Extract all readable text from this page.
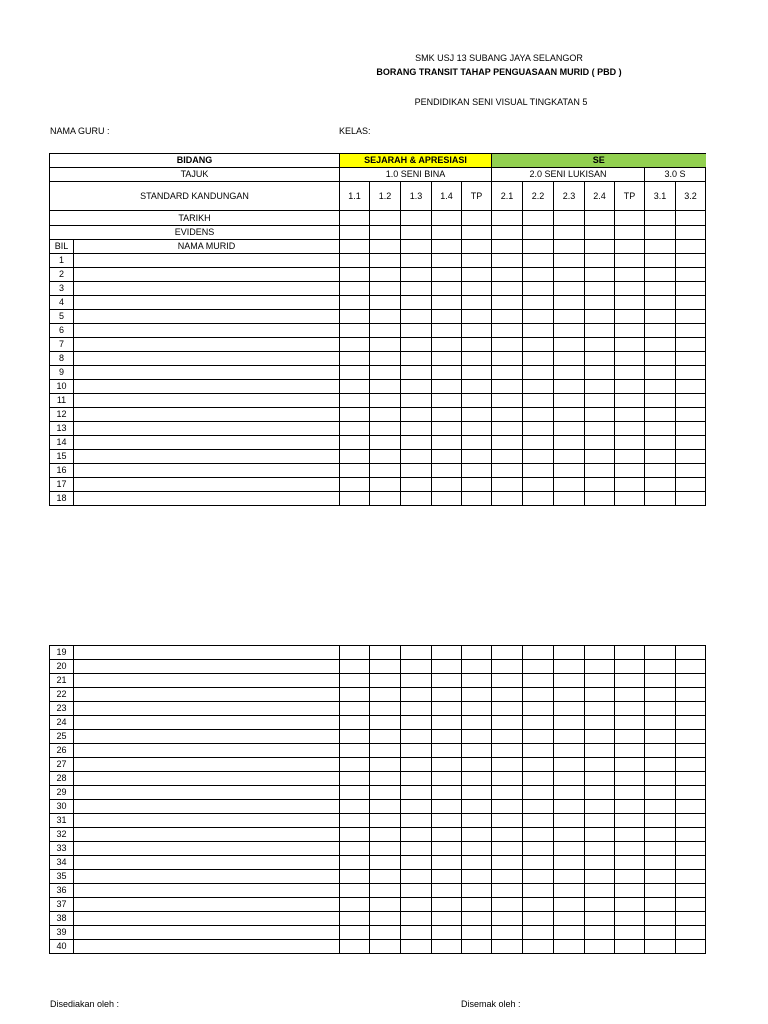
SMK USJ 13 SUBANG JAYA SELANGOR
BORANG TRANSIT TAHAP PENGUASAAN MURID ( PBD )
PENDIDIKAN SENI VISUAL TINGKATAN 5
NAMA GURU :	KELAS:
BIDANG		SEJARAH & APRESIASI					SE						
TAJUK		1.0 SENI BINA					2.0 SENI LUKISAN					3.0 S	
STANDARD KANDUNGAN		1.1	1.2	1.3	1.4	TP	2.1	2.2	2.3	2.4	TP	3.1	3.2
TARIKH													
EVIDENS													
BIL	NAMA MURID												
1													
2													
3													
4													
5													
6													
7													
8													
9													
10													
11													
12													
13													
14													
15													
16													
17													
18													
19													
20													
21													
22													
23													
24													
25													
26													
27													
28													
29													
30													
31													
32													
33													
34													
35													
36													
37													
38													
39													
40													
Disediakan oleh :	Disemak oleh :
